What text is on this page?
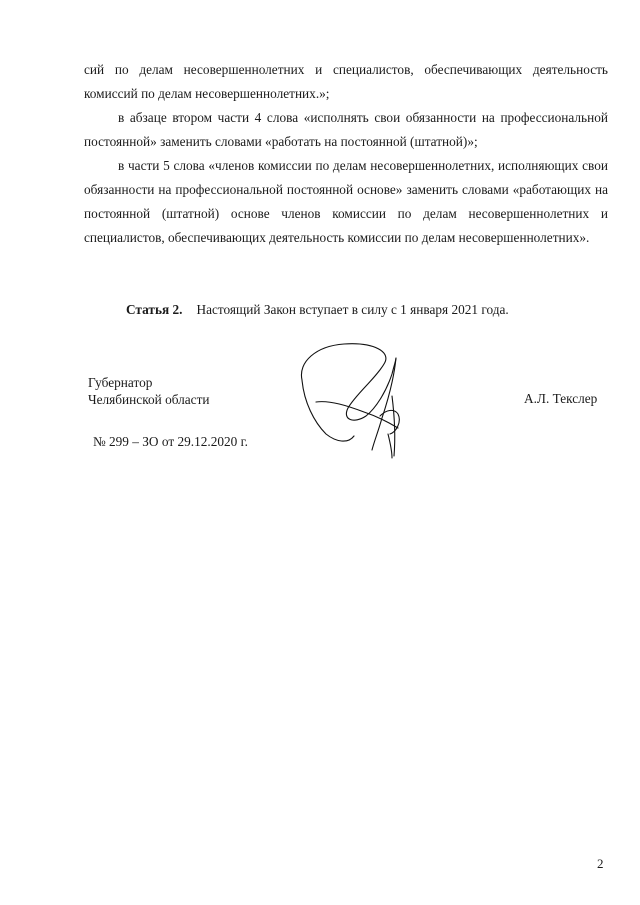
сий по делам несовершеннолетних и специалистов, обеспечивающих деятельность комиссий по делам несовершеннолетних.»;

в абзаце втором части 4 слова «исполнять свои обязанности на профессиональной постоянной» заменить словами «работать на постоянной (штатной)»;

в части 5 слова «членов комиссии по делам несовершеннолетних, исполняющих свои обязанности на профессиональной постоянной основе» заменить словами «работающих на постоянной (штатной) основе членов комиссии по делам несовершеннолетних и специалистов, обеспечивающих деятельность комиссии по делам несовершеннолетних».

Статья 2. Настоящий Закон вступает в силу с 1 января 2021 года.
Губернатор
Челябинской области	А.Л. Текслер
№ 299 – ЗО от 29.12.2020 г.
2
